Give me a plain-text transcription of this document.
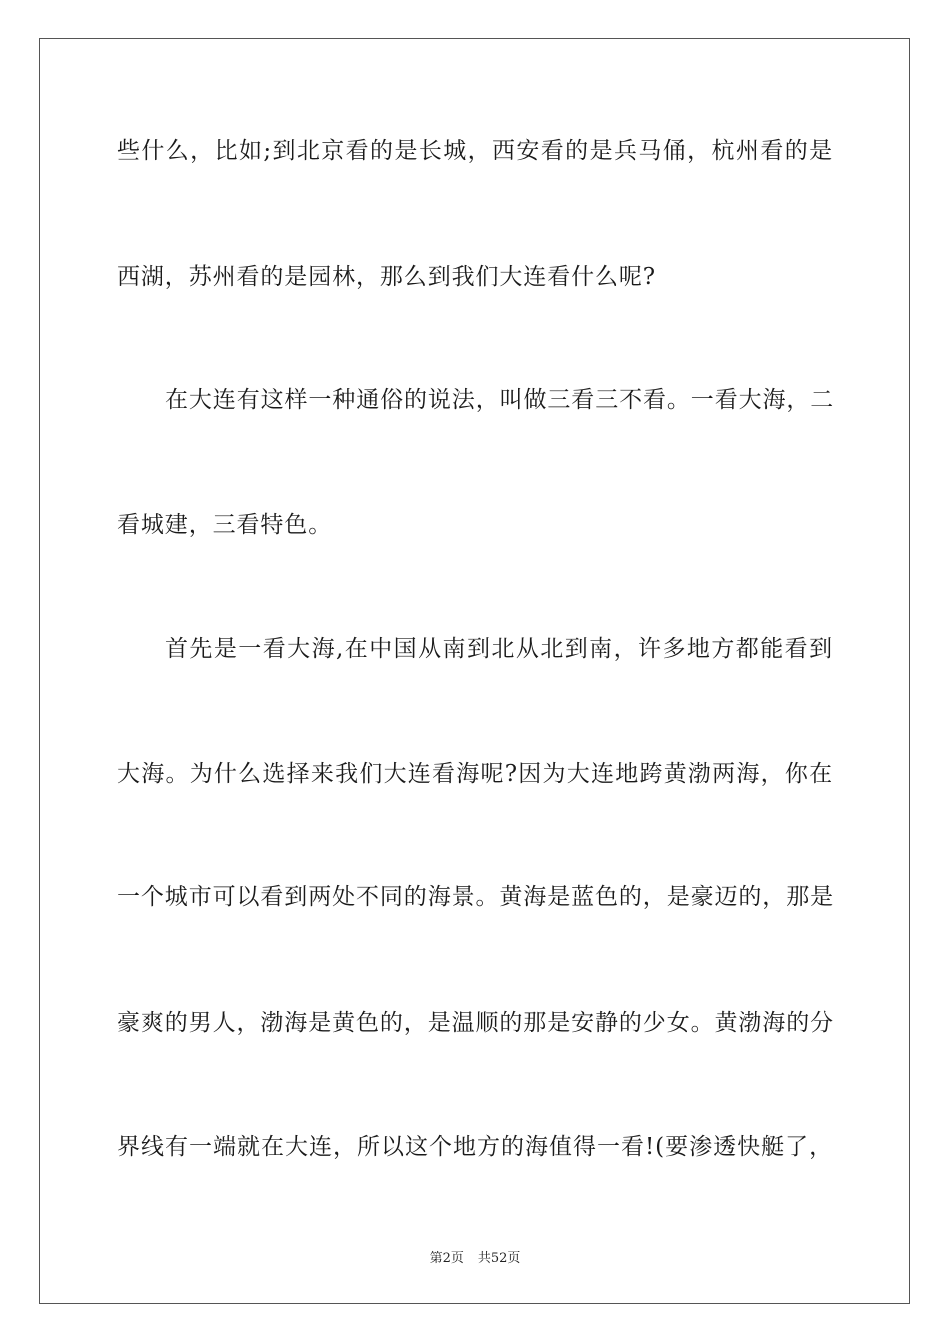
些什么，比如;到北京看的是长城，西安看的是兵马俑，杭州看的是
西湖，苏州看的是园林，那么到我们大连看什么呢?
在大连有这样一种通俗的说法，叫做三看三不看。一看大海，二
看城建，三看特色。
首先是一看大海,在中国从南到北从北到南，许多地方都能看到
大海。为什么选择来我们大连看海呢?因为大连地跨黄渤两海，你在
一个城市可以看到两处不同的海景。黄海是蓝色的，是豪迈的，那是
豪爽的男人，渤海是黄色的，是温顺的那是安静的少女。黄渤海的分
界线有一端就在大连，所以这个地方的海值得一看!(要渗透快艇了，
第2页 共52页
